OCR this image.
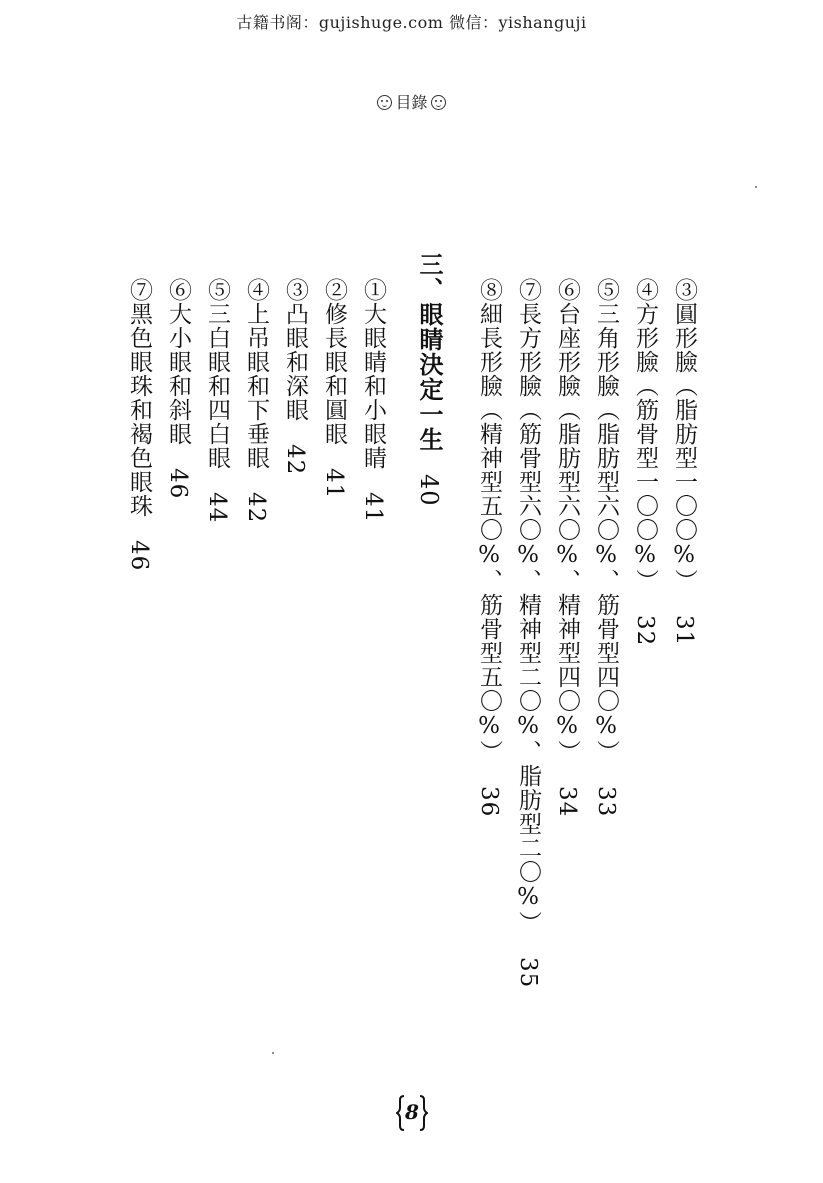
古籍书阁：gujishuge.com 微信：yishanguji
目錄
③圓形臉（脂肪型一〇〇%）31
④方形臉（筋骨型一〇〇%）32
⑤三角形臉（脂肪型六〇%、筋骨型四〇%）33
⑥台座形臉（脂肪型六〇%、精神型四〇%）34
⑦長方形臉（筋骨型六〇%、精神型二〇%、脂肪型二〇%）35
⑧細長形臉（精神型五〇%、筋骨型五〇%）36
三、眼睛決定一生40
①大眼睛和小眼睛41
②修長眼和圓眼41
③凸眼和深眼42
④上吊眼和下垂眼42
⑤三白眼和四白眼44
⑥大小眼和斜眼46
⑦黑色眼珠和褐色眼珠46
8
